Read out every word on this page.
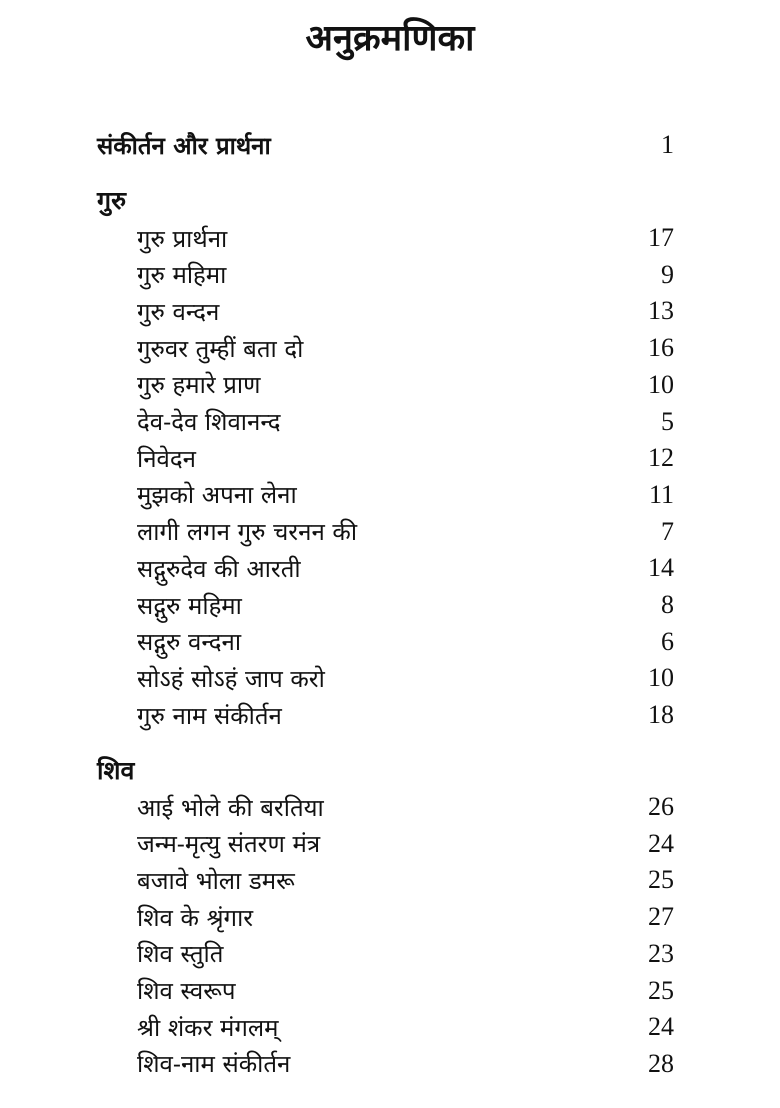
अनुक्रमणिका
संकीर्तन और प्रार्थना	1
गुरु
गुरु प्रार्थना	17
गुरु महिमा	9
गुरु वन्दन	13
गुरुवर तुम्हीं बता दो	16
गुरु हमारे प्राण	10
देव-देव शिवानन्द	5
निवेदन	12
मुझको अपना लेना	11
लागी लगन गुरु चरनन की	7
सद्गुरुदेव की आरती	14
सद्गुरु महिमा	8
सद्गुरु वन्दना	6
सोऽहं सोऽहं जाप करो	10
गुरु नाम संकीर्तन	18
शिव
आई भोले की बरतिया	26
जन्म-मृत्यु संतरण मंत्र	24
बजावे भोला डमरू	25
शिव के श्रृंगार	27
शिव स्तुति	23
शिव स्वरूप	25
श्री शंकर मंगलम्	24
शिव-नाम संकीर्तन	28
